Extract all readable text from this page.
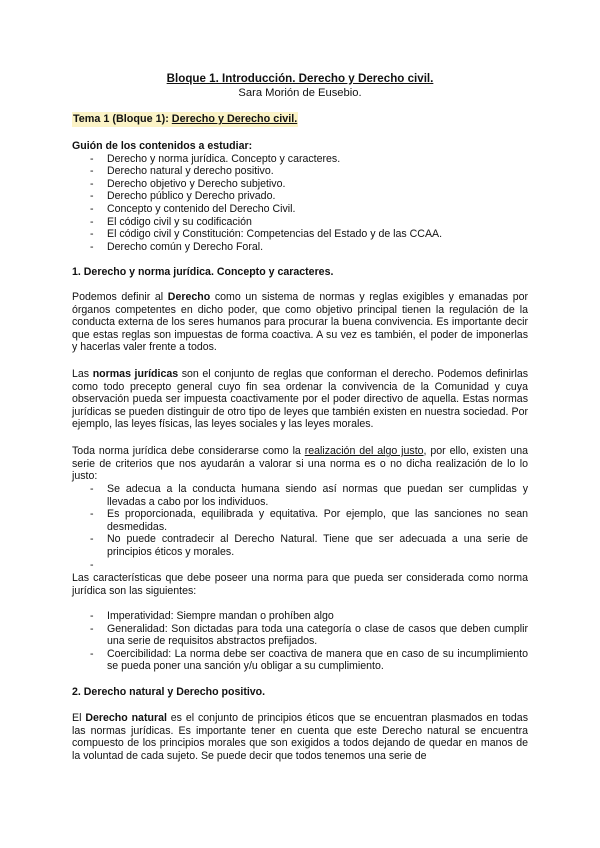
Bloque 1. Introducción. Derecho y Derecho civil.
Sara Morión de Eusebio.
Tema 1 (Bloque 1): Derecho y Derecho civil.
Guión de los contenidos a estudiar:
- Derecho y norma jurídica. Concepto y caracteres.
- Derecho natural y derecho positivo.
- Derecho objetivo y Derecho subjetivo.
- Derecho público y Derecho privado.
- Concepto y contenido del Derecho Civil.
- El código civil y su codificación
- El código civil y Constitución: Competencias del Estado y de las CCAA.
- Derecho común y Derecho Foral.
1. Derecho y norma jurídica. Concepto y caracteres.
Podemos definir al Derecho como un sistema de normas y reglas exigibles y emanadas por órganos competentes en dicho poder, que como objetivo principal tienen la regulación de la conducta externa de los seres humanos para procurar la buena convivencia. Es importante decir que estas reglas son impuestas de forma coactiva. A su vez es también, el poder de imponerlas y hacerlas valer frente a todos.
Las normas jurídicas son el conjunto de reglas que conforman el derecho. Podemos definirlas como todo precepto general cuyo fin sea ordenar la convivencia de la Comunidad y cuya observación pueda ser impuesta coactivamente por el poder directivo de aquella. Estas normas jurídicas se pueden distinguir de otro tipo de leyes que también existen en nuestra sociedad. Por ejemplo, las leyes físicas, las leyes sociales y las leyes morales.
Toda norma jurídica debe considerarse como la realización del algo justo, por ello, existen una serie de criterios que nos ayudarán a valorar si una norma es o no dicha realización de lo lo justo:
- Se adecua a la conducta humana siendo así normas que puedan ser cumplidas y llevadas a cabo por los individuos.
- Es proporcionada, equilibrada y equitativa. Por ejemplo, que las sanciones no sean desmedidas.
- No puede contradecir al Derecho Natural. Tiene que ser adecuada a una serie de principios éticos y morales.
-
Las características que debe poseer una norma para que pueda ser considerada como norma jurídica son las siguientes:
- Imperatividad: Siempre mandan o prohíben algo
- Generalidad: Son dictadas para toda una categoría o clase de casos que deben cumplir una serie de requisitos abstractos prefijados.
- Coercibilidad: La norma debe ser coactiva de manera que en caso de su incumplimiento se pueda poner una sanción y/u obligar a su cumplimiento.
2. Derecho natural y Derecho positivo.
El Derecho natural es el conjunto de principios éticos que se encuentran plasmados en todas las normas jurídicas. Es importante tener en cuenta que este Derecho natural se encuentra compuesto de los principios morales que son exigidos a todos dejando de quedar en manos de la voluntad de cada sujeto. Se puede decir que todos tenemos una serie de
